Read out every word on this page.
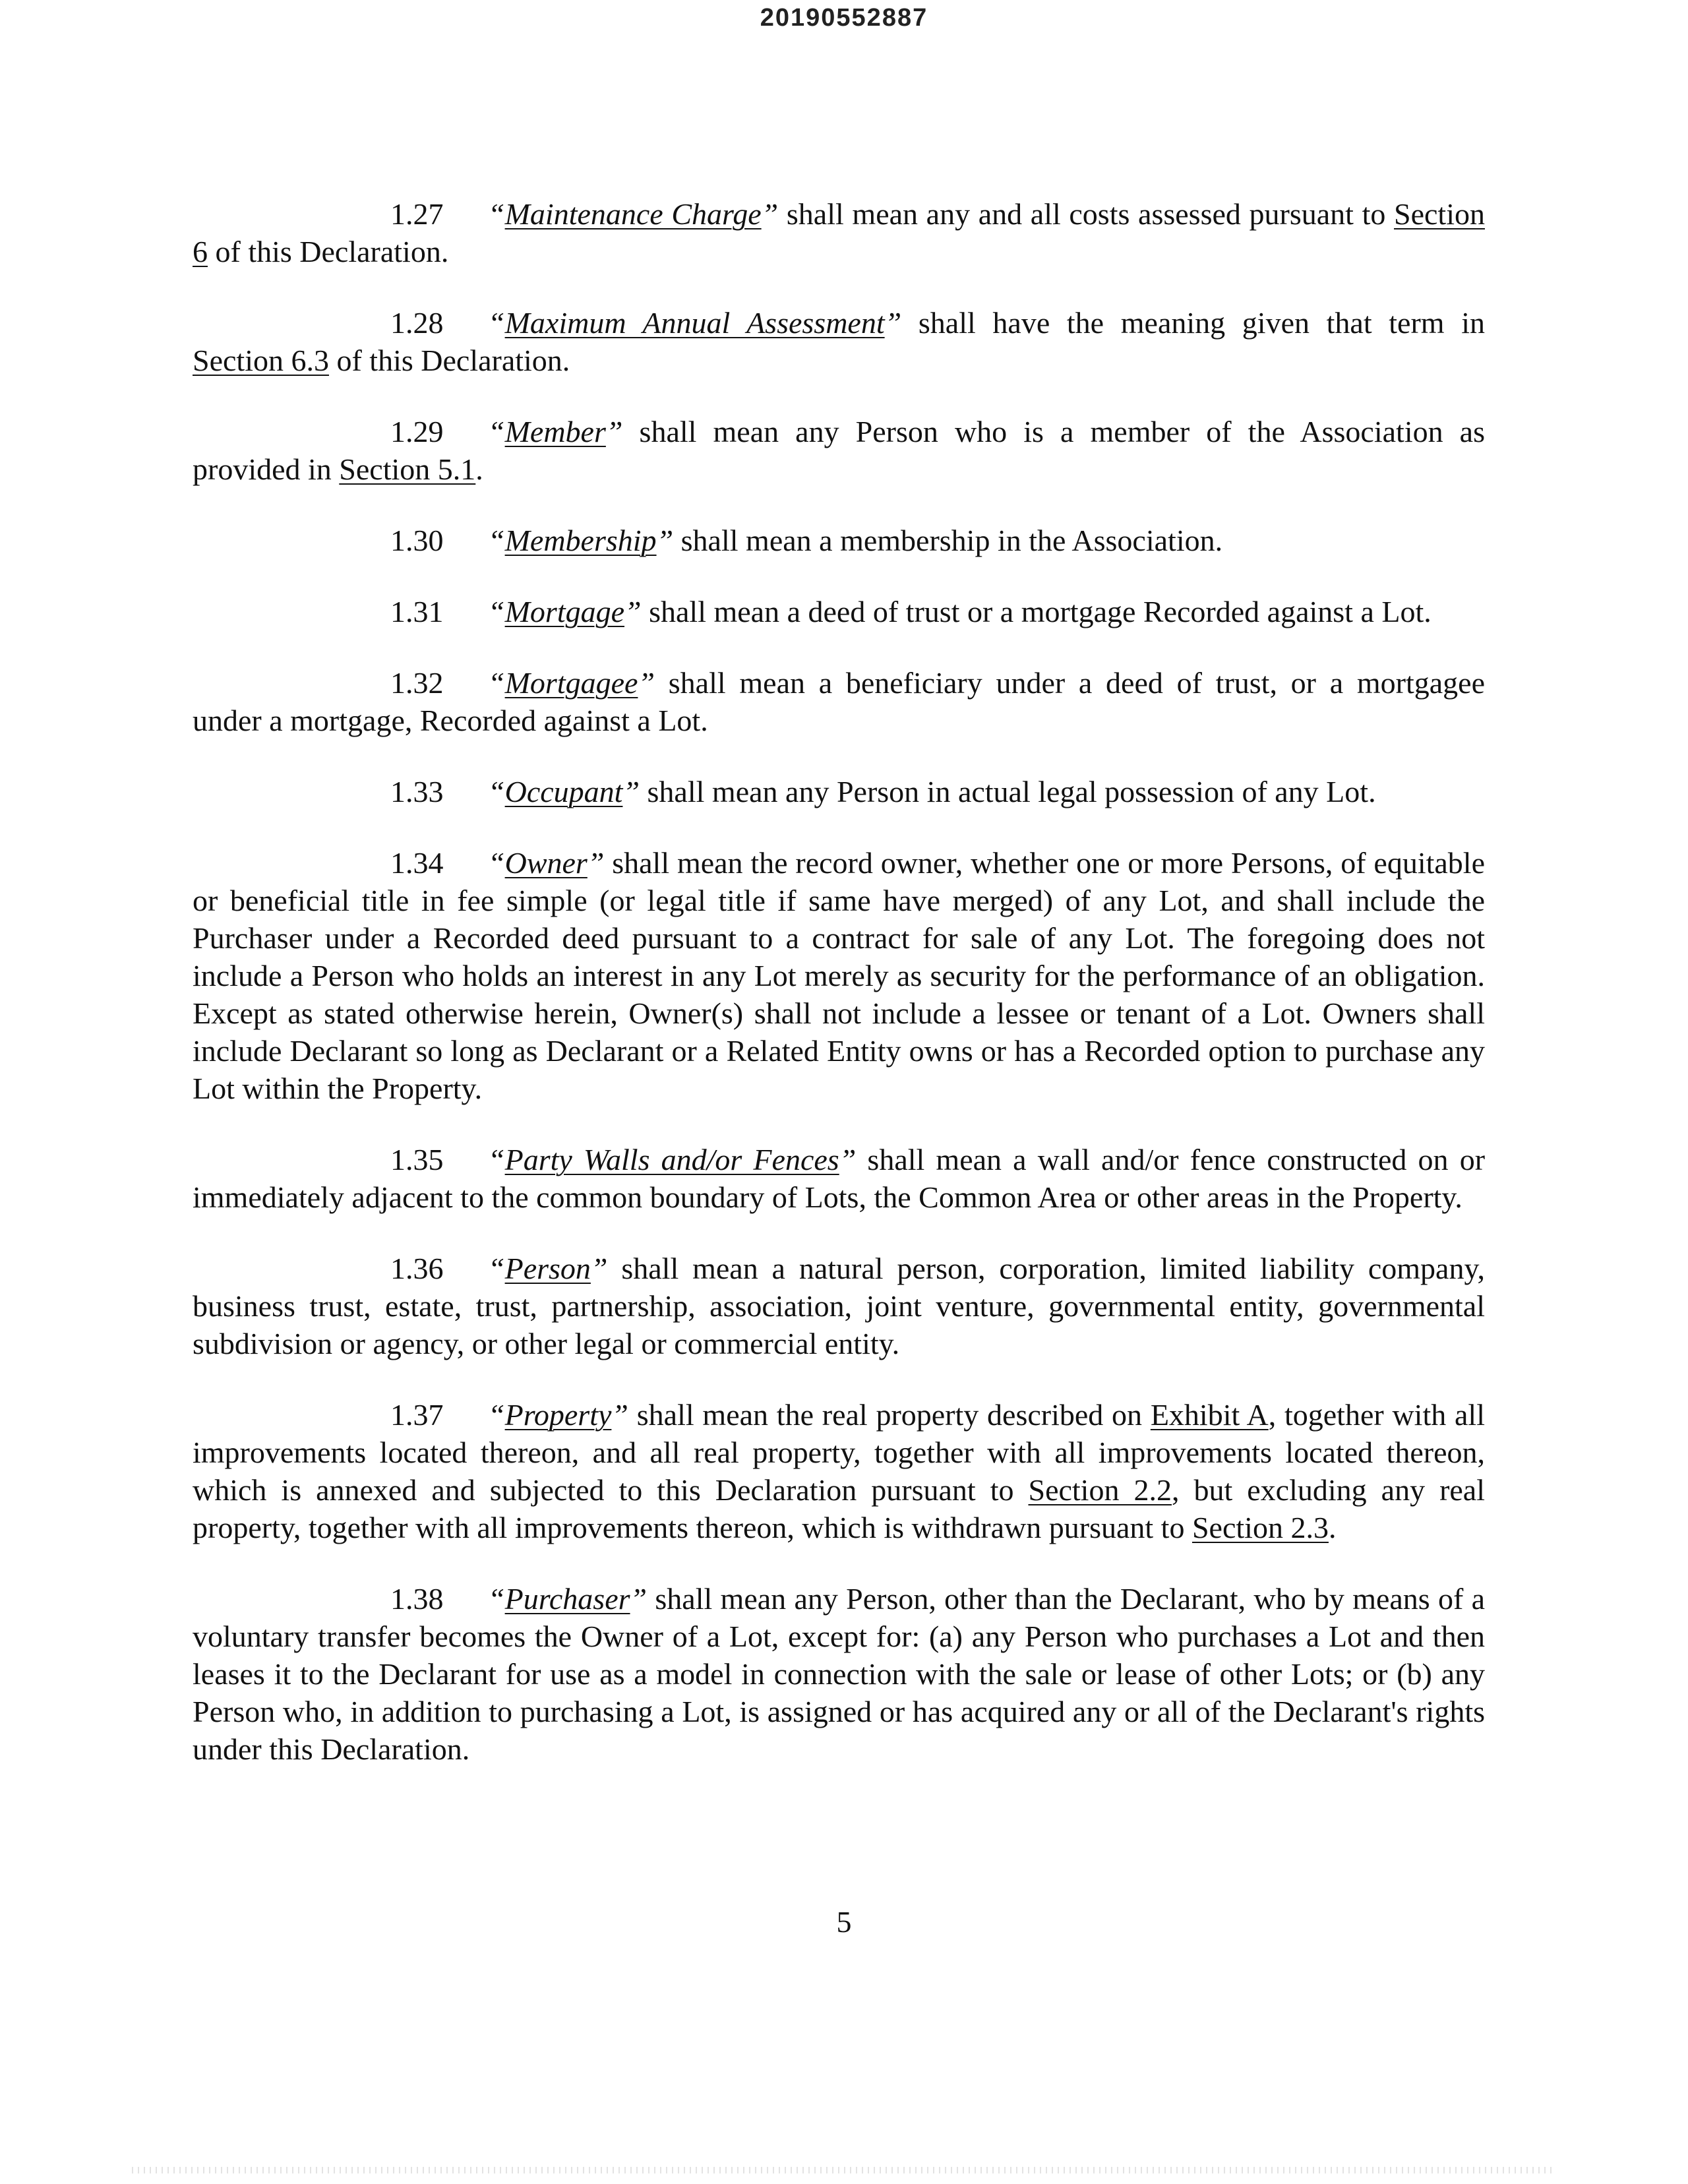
20190552887

1.27 “Maintenance Charge” shall mean any and all costs assessed pursuant to Section 6 of this Declaration.

1.28 “Maximum Annual Assessment” shall have the meaning given that term in Section 6.3 of this Declaration.

1.29 “Member” shall mean any Person who is a member of the Association as provided in Section 5.1.

1.30 “Membership” shall mean a membership in the Association.

1.31 “Mortgage” shall mean a deed of trust or a mortgage Recorded against a Lot.

1.32 “Mortgagee” shall mean a beneficiary under a deed of trust, or a mortgagee under a mortgage, Recorded against a Lot.

1.33 “Occupant” shall mean any Person in actual legal possession of any Lot.

1.34 “Owner” shall mean the record owner, whether one or more Persons, of equitable or beneficial title in fee simple (or legal title if same have merged) of any Lot, and shall include the Purchaser under a Recorded deed pursuant to a contract for sale of any Lot. The foregoing does not include a Person who holds an interest in any Lot merely as security for the performance of an obligation. Except as stated otherwise herein, Owner(s) shall not include a lessee or tenant of a Lot. Owners shall include Declarant so long as Declarant or a Related Entity owns or has a Recorded option to purchase any Lot within the Property.

1.35 “Party Walls and/or Fences” shall mean a wall and/or fence constructed on or immediately adjacent to the common boundary of Lots, the Common Area or other areas in the Property.

1.36 “Person” shall mean a natural person, corporation, limited liability company, business trust, estate, trust, partnership, association, joint venture, governmental entity, governmental subdivision or agency, or other legal or commercial entity.

1.37 “Property” shall mean the real property described on Exhibit A, together with all improvements located thereon, and all real property, together with all improvements located thereon, which is annexed and subjected to this Declaration pursuant to Section 2.2, but excluding any real property, together with all improvements thereon, which is withdrawn pursuant to Section 2.3.

1.38 “Purchaser” shall mean any Person, other than the Declarant, who by means of a voluntary transfer becomes the Owner of a Lot, except for: (a) any Person who purchases a Lot and then leases it to the Declarant for use as a model in connection with the sale or lease of other Lots; or (b) any Person who, in addition to purchasing a Lot, is assigned or has acquired any or all of the Declarant's rights under this Declaration.

5
